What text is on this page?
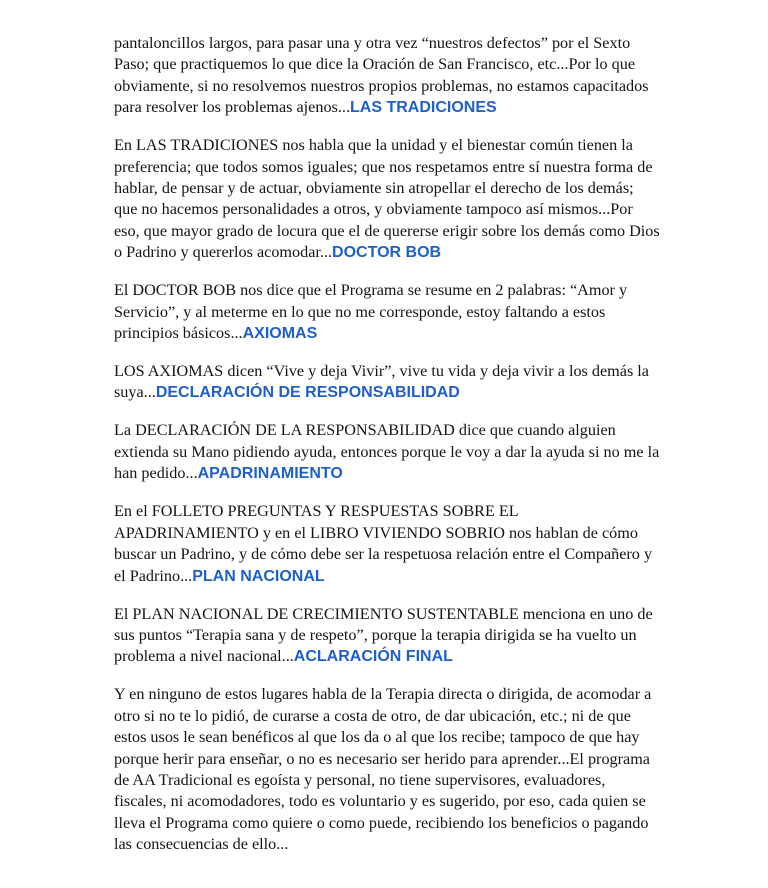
pantaloncillos largos, para pasar una y otra vez “nuestros defectos” por el Sexto Paso; que practiquemos lo que dice la Oración de San Francisco, etc...Por lo que obviamente, si no resolvemos nuestros propios problemas, no estamos capacitados para resolver los problemas ajenos...LAS TRADICIONES

En LAS TRADICIONES nos habla que la unidad y el bienestar común tienen la preferencia; que todos somos iguales; que nos respetamos entre sí nuestra forma de hablar, de pensar y de actuar, obviamente sin atropellar el derecho de los demás; que no hacemos personalidades a otros, y obviamente tampoco así mismos...Por eso, que mayor grado de locura que el de quererse erigir sobre los demás como Dios o Padrino y quererlos acomodar...DOCTOR BOB

El DOCTOR BOB nos dice que el Programa se resume en 2 palabras: “Amor y Servicio”, y al meterme en lo que no me corresponde, estoy faltando a estos principios básicos...AXIOMAS

LOS AXIOMAS dicen “Vive y deja Vivir”, vive tu vida y deja vivir a los demás la suya...DECLARACIÓN DE RESPONSABILIDAD

La DECLARACIÓN DE LA RESPONSABILIDAD dice que cuando alguien extienda su Mano pidiendo ayuda, entonces porque le voy a dar la ayuda si no me la han pedido...APADRINAMIENTO

En el FOLLETO PREGUNTAS Y RESPUESTAS SOBRE EL APADRINAMIENTO y en el LIBRO VIVIENDO SOBRIO nos hablan de cómo buscar un Padrino, y de cómo debe ser la respetuosa relación entre el Compañero y el Padrino...PLAN NACIONAL

El PLAN NACIONAL DE CRECIMIENTO SUSTENTABLE menciona en uno de sus puntos “Terapia sana y de respeto”, porque la terapia dirigida se ha vuelto un problema a nivel nacional...ACLARACIÓN FINAL

Y en ninguno de estos lugares habla de la Terapia directa o dirigida, de acomodar a otro si no te lo pidió, de curarse a costa de otro, de dar ubicación, etc.; ni de que estos usos le sean benéficos al que los da o al que los recibe; tampoco de que hay porque herir para enseñar, o no es necesario ser herido para aprender...El programa de AA Tradicional es egoísta y personal, no tiene supervisores, evaluadores, fiscales, ni acomodadores, todo es voluntario y es sugerido, por eso, cada quien se lleva el Programa como quiere o como puede, recibiendo los beneficios o pagando las consecuencias de ello...
